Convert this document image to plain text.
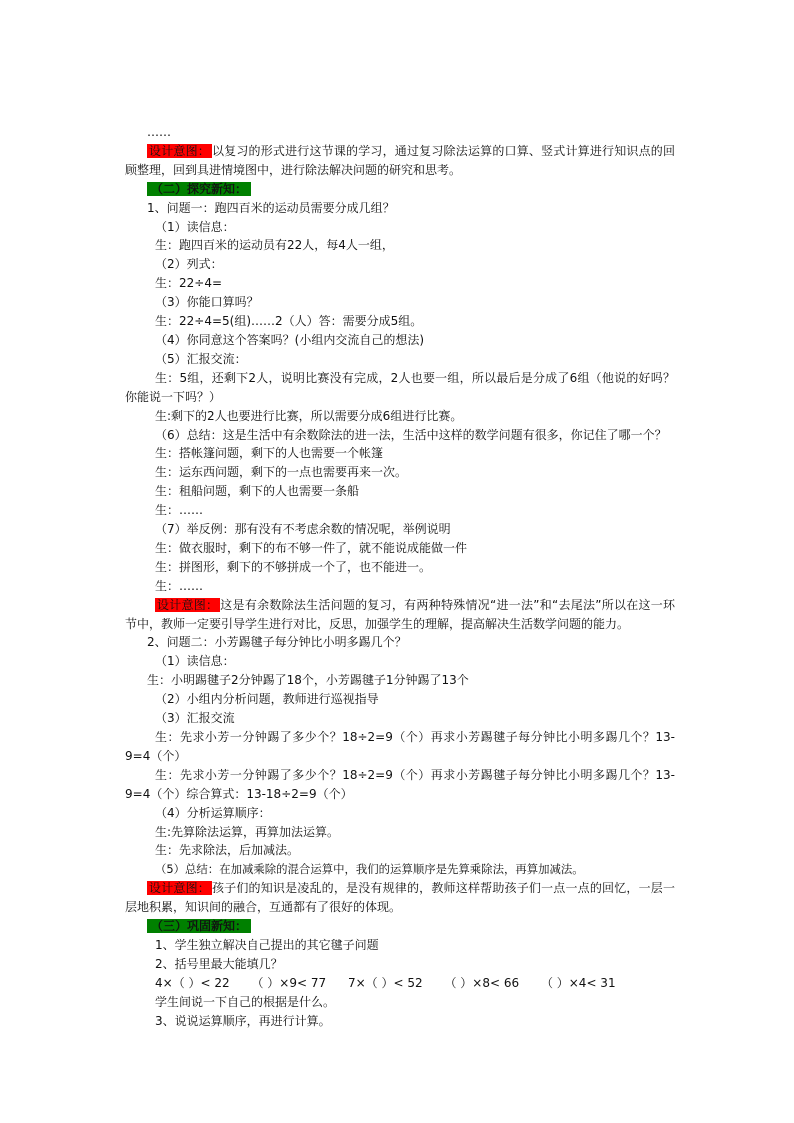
……
设计意图： 以复习的形式进行这节课的学习，通过复习除法运算的口算、竖式计算进行知识点的回顾整理，回到具进情境图中，进行除法解决问题的研究和思考。
（二）探究新知：
1、问题一：跑四百米的运动员需要分成几组？
（1）读信息：
生：跑四百米的运动员有22人，每4人一组，
（2）列式：
生：22÷4=
（3）你能口算吗？
生：22÷4=5(组)……2（人）答：需要分成5组。
（4）你同意这个答案吗？(小组内交流自己的想法)
（5）汇报交流：
生：5组，还剩下2人，说明比赛没有完成，2人也要一组，所以最后是分成了6组（他说的好吗？你能说一下吗？）
生:剩下的2人也要进行比赛，所以需要分成6组进行比赛。
（6）总结：这是生活中有余数除法的进一法，生活中这样的数学问题有很多，你记住了哪一个？
生：搭帐篷问题，剩下的人也需要一个帐篷
生：运东西问题，剩下的一点也需要再来一次。
生：租船问题，剩下的人也需要一条船
生：……
（7）举反例：那有没有不考虑余数的情况呢，举例说明
生：做衣服时，剩下的布不够一件了，就不能说成能做一件
生：拼图形，剩下的不够拼成一个了，也不能进一。
生：……
设计意图： 这是有余数除法生活问题的复习，有两种特殊情况“进一法”和“去尾法”所以在这一环节中，教师一定要引导学生进行对比，反思，加强学生的理解，提高解决生活数学问题的能力。
2、问题二：小芳踢毽子每分钟比小明多踢几个？
（1）读信息：
生：小明踢毽子2分钟踢了18个，小芳踢毽子1分钟踢了13个
（2）小组内分析问题，教师进行巡视指导
（3）汇报交流
生：先求小芳一分钟踢了多少个？18÷2=9（个）再求小芳踢毽子每分钟比小明多踢几个？13-9=4（个）
生：先求小芳一分钟踢了多少个？18÷2=9（个）再求小芳踢毽子每分钟比小明多踢几个？13-9=4（个）综合算式：13-18÷2=9（个）
（4）分析运算顺序：
生:先算除法运算，再算加法运算。
生：先求除法，后加减法。
（5）总结：在加减乘除的混合运算中，我们的运算顺序是先算乘除法，再算加减法。
设计意图： 孩子们的知识是凌乱的，是没有规律的，教师这样帮助孩子们一点一点的回忆，一层一层地积累，知识间的融合，互通都有了很好的体现。
（三）巩固新知：
1、学生独立解决自己提出的其它毽子问题
2、括号里最大能填几？
4×（ ）< 22 （ ）×9< 77 7×（ ）< 52 （ ）×8< 66 （ ）×4< 31
学生间说一下自己的根据是什么。
3、说说运算顺序，再进行计算。
